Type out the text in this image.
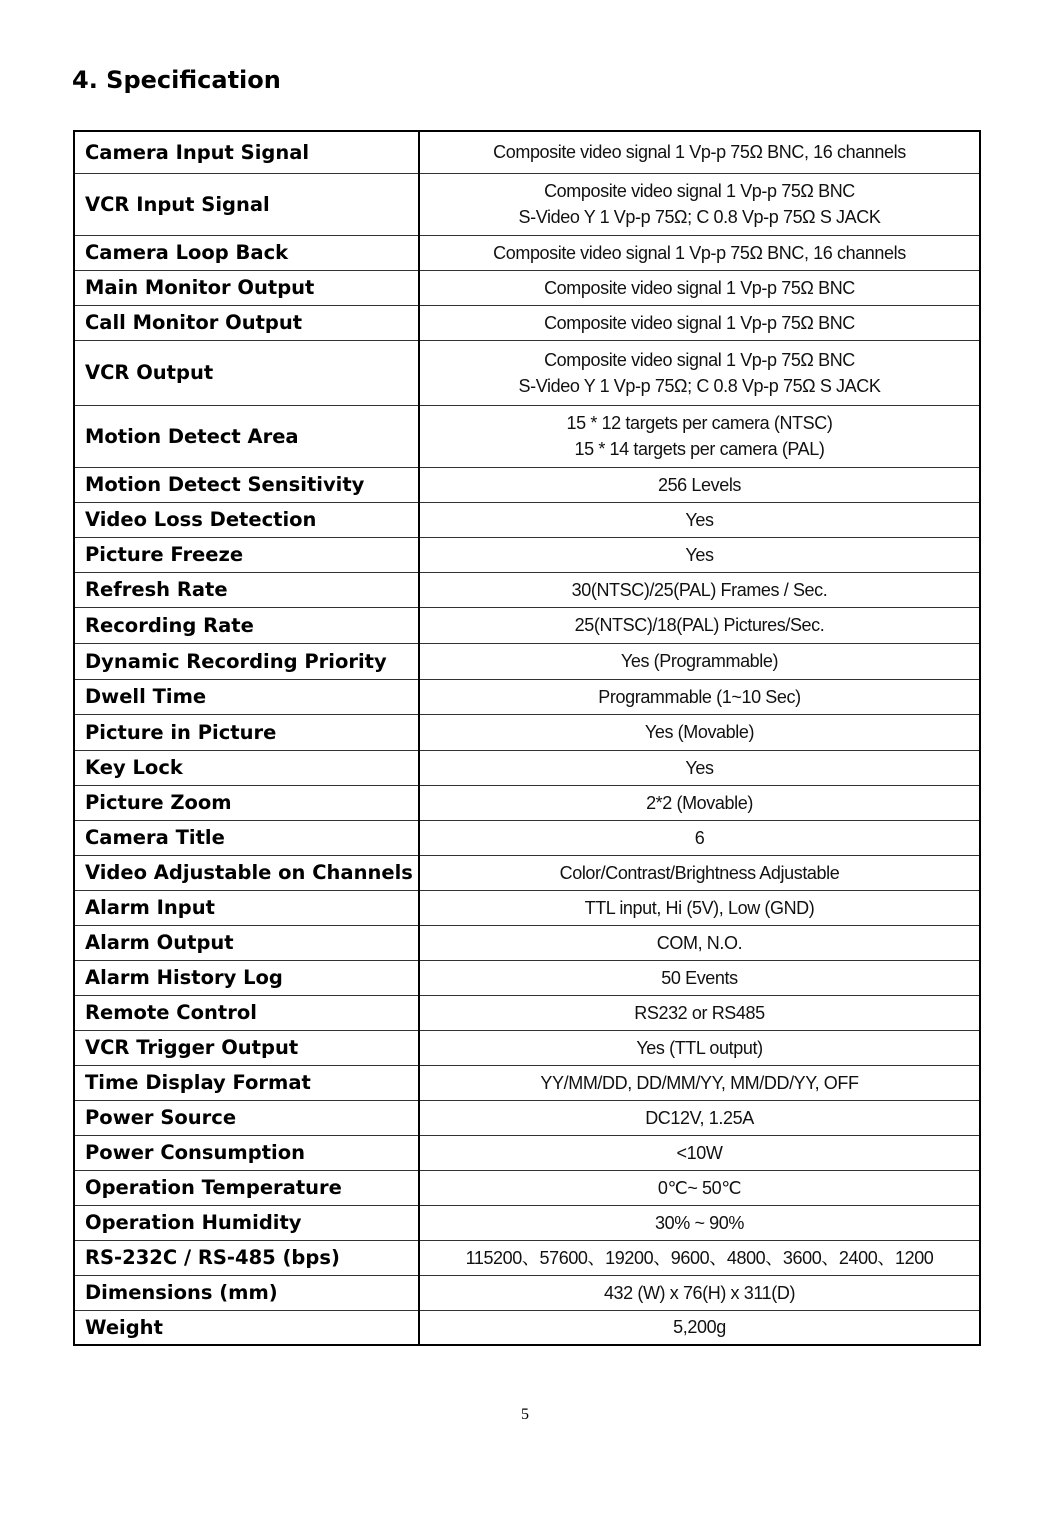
4. Specification
Camera Input Signal	Composite video signal 1 Vp-p 75Ω BNC, 16 channels

VCR Input Signal	Composite video signal 1 Vp-p 75Ω BNC
S-Video Y 1 Vp-p 75Ω; C 0.8 Vp-p 75Ω S JACK

Camera Loop Back	Composite video signal 1 Vp-p 75Ω BNC, 16 channels

Main Monitor Output	Composite video signal 1 Vp-p 75Ω BNC

Call Monitor Output	Composite video signal 1 Vp-p 75Ω BNC

VCR Output	Composite video signal 1 Vp-p 75Ω BNC
S-Video Y 1 Vp-p 75Ω; C 0.8 Vp-p 75Ω S JACK

Motion Detect Area	15 * 12 targets per camera (NTSC)
15 * 14 targets per camera (PAL)

Motion Detect Sensitivity	256 Levels

Video Loss Detection	Yes

Picture Freeze	Yes

Refresh Rate	30(NTSC)/25(PAL) Frames / Sec.

Recording Rate	25(NTSC)/18(PAL) Pictures/Sec.

Dynamic Recording Priority	Yes (Programmable)

Dwell Time	Programmable (1~10 Sec)

Picture in Picture	Yes (Movable)

Key Lock	Yes

Picture Zoom	2*2 (Movable)

Camera Title	6

Video Adjustable on Channels	Color/Contrast/Brightness Adjustable

Alarm Input	TTL input, Hi (5V), Low (GND)

Alarm Output	COM, N.O.

Alarm History Log	50 Events

Remote Control	RS232 or RS485

VCR Trigger Output	Yes (TTL output)

Time Display Format	YY/MM/DD, DD/MM/YY, MM/DD/YY, OFF

Power Source	DC12V, 1.25A

Power Consumption	<10W

Operation Temperature	0℃~ 50℃

Operation Humidity	30% ~ 90%

RS-232C / RS-485 (bps)	115200、57600、19200、9600、4800、3600、2400、1200

Dimensions (mm)	432 (W) x 76(H) x 311(D)

Weight	5,200g
5
